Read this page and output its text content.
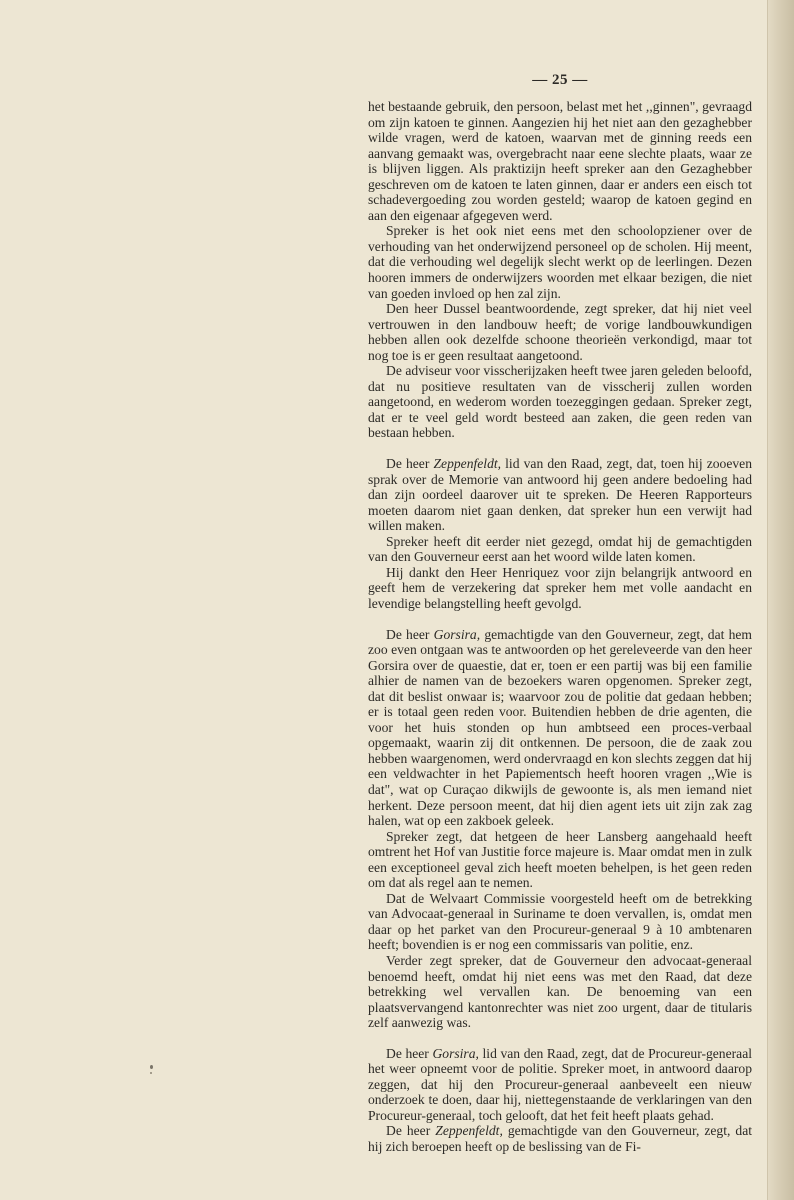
— 25 —

het bestaande gebruik, den persoon, belast met het ,,ginnen", gevraagd om zijn katoen te ginnen. Aangezien hij het niet aan den gezaghebber wilde vragen, werd de katoen, waarvan met de ginning reeds een aanvang gemaakt was, overgebracht naar eene slechte plaats, waar ze is blijven liggen. Als praktizijn heeft spreker aan den Gezaghebber geschreven om de katoen te laten ginnen, daar er anders een eisch tot schadevergoeding zou worden gesteld; waarop de katoen gegind en aan den eigenaar afgegeven werd.

Spreker is het ook niet eens met den schoolopziener over de verhouding van het onderwijzend personeel op de scholen. Hij meent, dat die verhouding wel degelijk slecht werkt op de leerlingen. Dezen hooren immers de onderwijzers woorden met elkaar bezigen, die niet van goeden invloed op hen zal zijn.

Den heer Dussel beantwoordende, zegt spreker, dat hij niet veel vertrouwen in den landbouw heeft; de vorige landbouwkundigen hebben allen ook dezelfde schoone theorieën verkondigd, maar tot nog toe is er geen resultaat aangetoond.

De adviseur voor visscherijzaken heeft twee jaren geleden beloofd, dat nu positieve resultaten van de visscherij zullen worden aangetoond, en wederom worden toezeggingen gedaan. Spreker zegt, dat er te veel geld wordt besteed aan zaken, die geen reden van bestaan hebben.

De heer Zeppenfeldt, lid van den Raad, zegt, dat, toen hij zooeven sprak over de Memorie van antwoord hij geen andere bedoeling had dan zijn oordeel daarover uit te spreken. De Heeren Rapporteurs moeten daarom niet gaan denken, dat spreker hun een verwijt had willen maken.

Spreker heeft dit eerder niet gezegd, omdat hij de gemachtigden van den Gouverneur eerst aan het woord wilde laten komen.

Hij dankt den Heer Henriquez voor zijn belangrijk antwoord en geeft hem de verzekering dat spreker hem met volle aandacht en levendige belangstelling heeft gevolgd.

De heer Gorsira, gemachtigde van den Gouverneur, zegt, dat hem zoo even ontgaan was te antwoorden op het gereleveerde van den heer Gorsira over de quaestie, dat er, toen er een partij was bij een familie alhier de namen van de bezoekers waren opgenomen. Spreker zegt, dat dit beslist onwaar is; waarvoor zou de politie dat gedaan hebben; er is totaal geen reden voor. Buitendien hebben de drie agenten, die voor het huis stonden op hun ambtseed een proces-verbaal opgemaakt, waarin zij dit ontkennen. De persoon, die de zaak zou hebben waargenomen, werd ondervraagd en kon slechts zeggen dat hij een veldwachter in het Papiementsch heeft hooren vragen ,,Wie is dat", wat op Curaçao dikwijls de gewoonte is, als men iemand niet herkent. Deze persoon meent, dat hij dien agent iets uit zijn zak zag halen, wat op een zakboek geleek.

Spreker zegt, dat hetgeen de heer Lansberg aangehaald heeft omtrent het Hof van Justitie force majeure is. Maar omdat men in zulk een exceptioneel geval zich heeft moeten behelpen, is het geen reden om dat als regel aan te nemen.

Dat de Welvaart Commissie voorgesteld heeft om de betrekking van Advocaat-generaal in Suriname te doen vervallen, is, omdat men daar op het parket van den Procureur-generaal 9 à 10 ambtenaren heeft; bovendien is er nog een commissaris van politie, enz.

Verder zegt spreker, dat de Gouverneur den advocaat-generaal benoemd heeft, omdat hij niet eens was met den Raad, dat deze betrekking wel vervallen kan. De benoeming van een plaatsvervangend kantonrechter was niet zoo urgent, daar de titularis zelf aanwezig was.

De heer Gorsira, lid van den Raad, zegt, dat de Procureur-generaal het weer opneemt voor de politie. Spreker moet, in antwoord daarop zeggen, dat hij den Procureur-generaal aanbeveelt een nieuw onderzoek te doen, daar hij, niettegenstaande de verklaringen van den Procureur-generaal, toch gelooft, dat het feit heeft plaats gehad.

De heer Zeppenfeldt, gemachtigde van den Gouverneur, zegt, dat hij zich beroepen heeft op de beslissing van de Fi-
